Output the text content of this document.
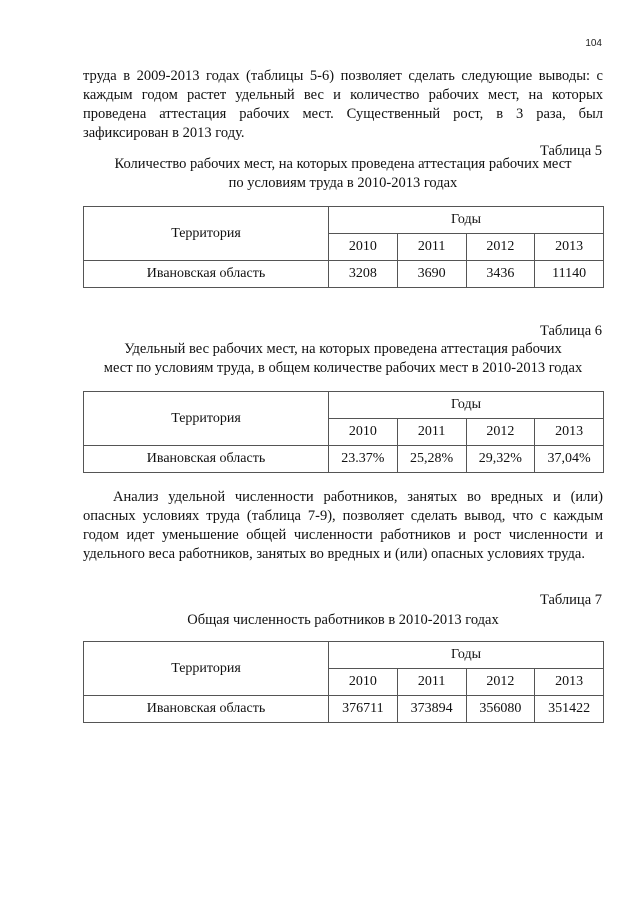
104

труда в 2009-2013 годах (таблицы 5-6) позволяет сделать следующие выводы: с каждым годом растет удельный вес и количество рабочих мест, на которых проведена аттестация рабочих мест. Существенный рост, в 3 раза, был зафиксирован в 2013 году.

Таблица 5
Количество рабочих мест, на которых проведена аттестация рабочих мест
по условиям труда в 2010-2013 годах
Территория	Годы			
	2010	2011	2012	2013
Ивановская область	3208	3690	3436	11140
Таблица 6
Удельный вес рабочих мест, на которых проведена аттестация рабочих
мест по условиям труда, в общем количестве рабочих мест в 2010-2013 годах
Территория	Годы			
	2010	2011	2012	2013
Ивановская область	23.37%	25,28%	29,32%	37,04%

Анализ удельной численности работников, занятых во вредных и (или) опасных условиях труда (таблица 7-9), позволяет сделать вывод, что с каждым годом идет уменьшение общей численности работников и рост численности и удельного веса работников, занятых во вредных и (или) опасных условиях труда.

Таблица 7
Общая численность работников в 2010-2013 годах
Территория	Годы			
	2010	2011	2012	2013
Ивановская область	376711	373894	356080	351422
